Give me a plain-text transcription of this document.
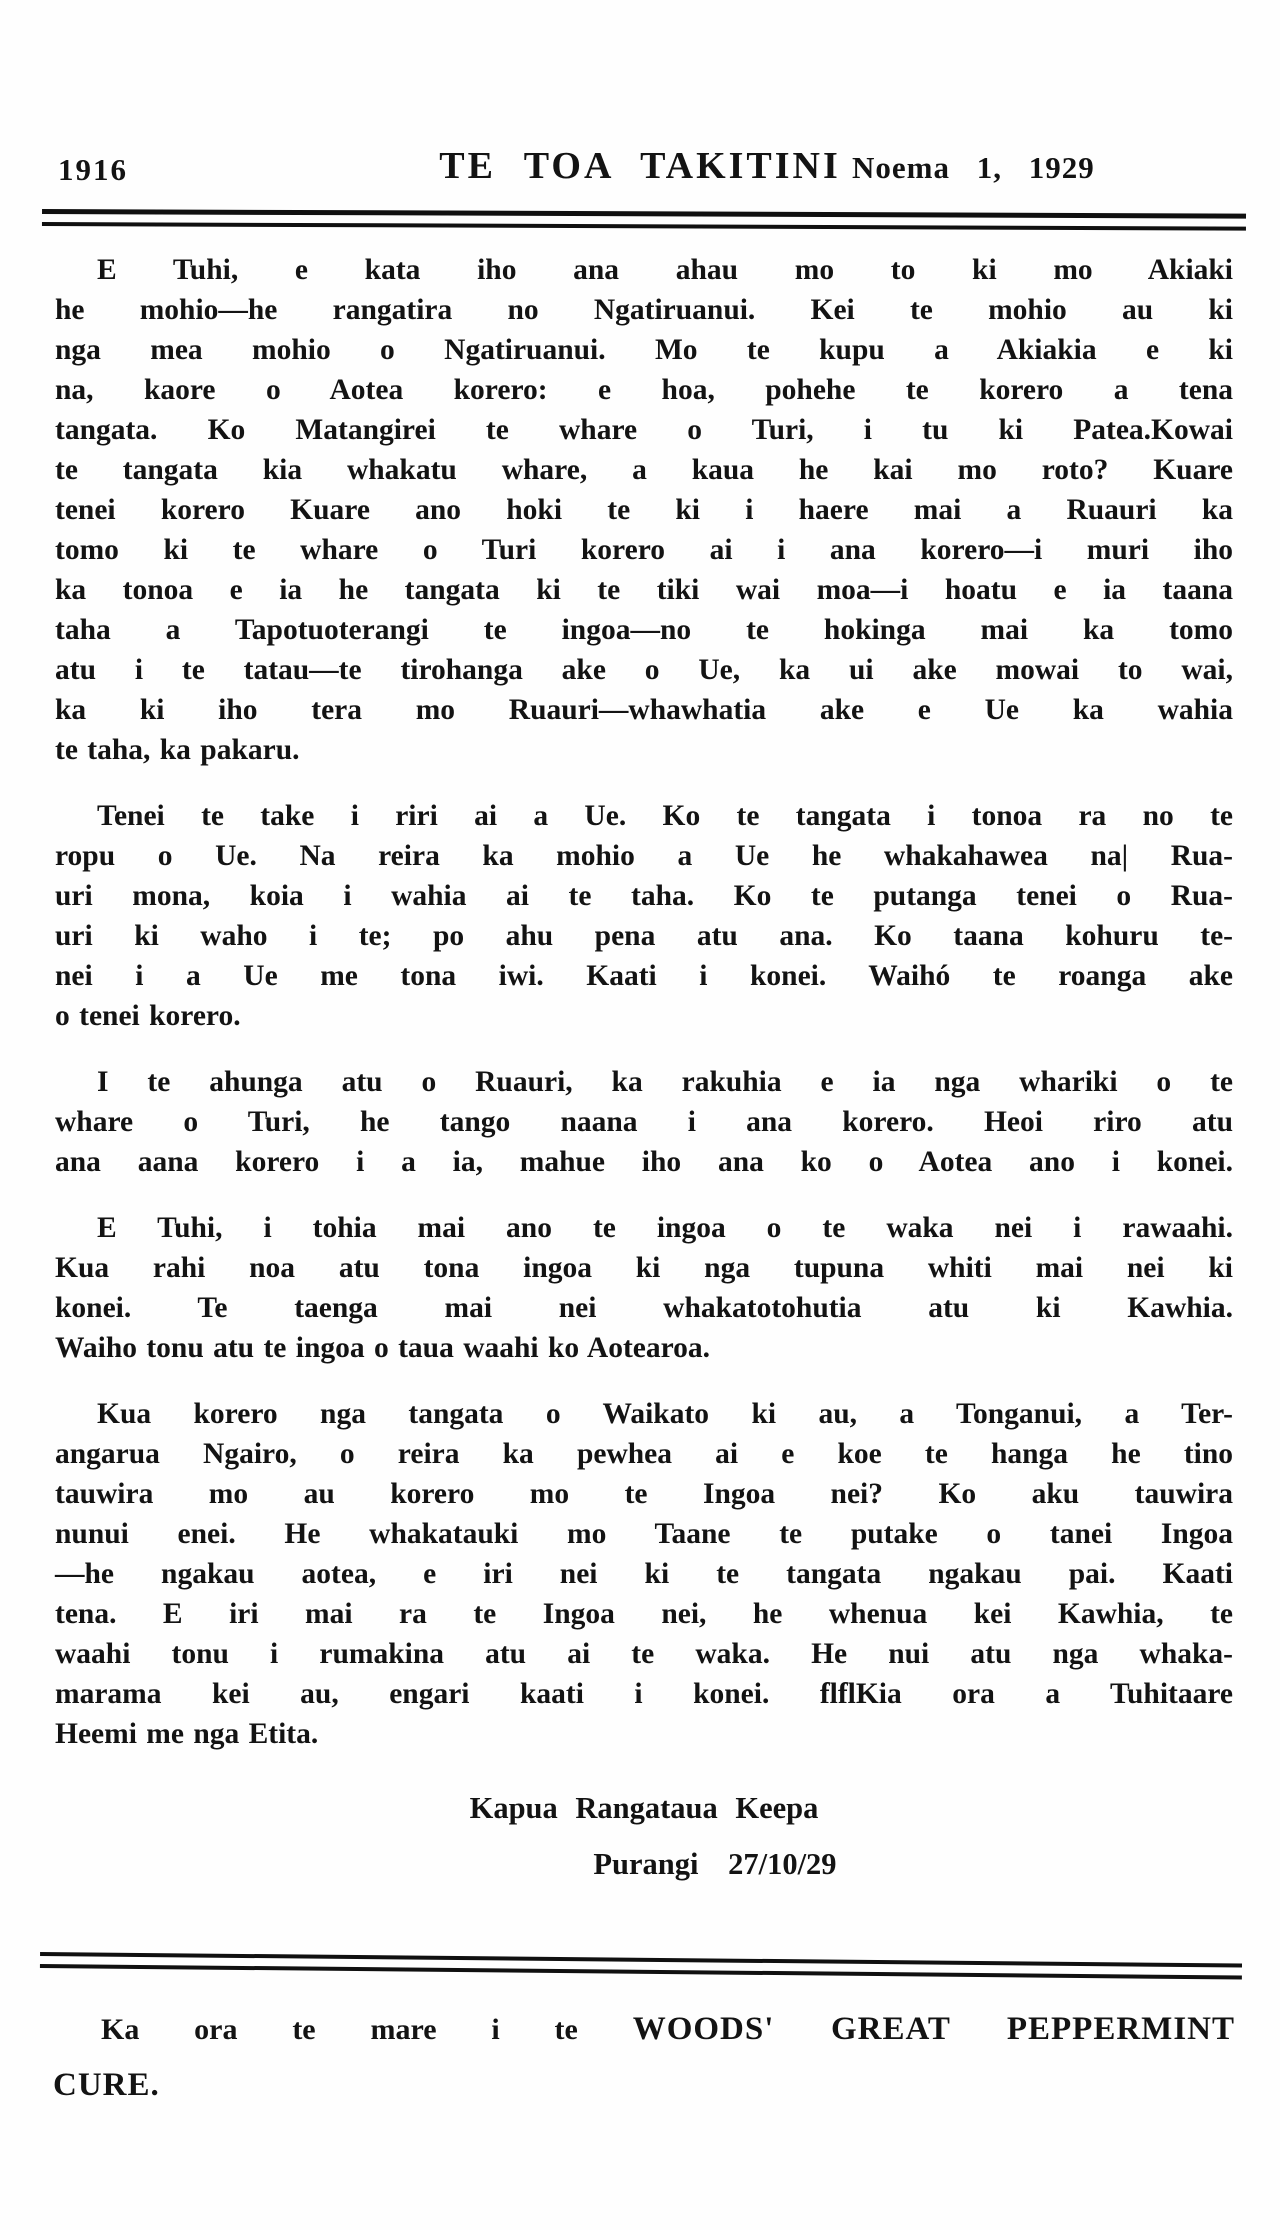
1916	TE TOA TAKITINI Noema 1, 1929
E Tuhi, e kata iho ana ahau mo to ki mo Akiaki
he mohio—he rangatira no Ngatiruanui. Kei te mohio au ki
nga mea mohio o Ngatiruanui. Mo te kupu a Akiakia e ki
na, kaore o Aotea korero: e hoa, pohehe te korero a tena
tangata. Ko Matangirei te whare o Turi, i tu ki Patea.Kowai
te tangata kia whakatu whare, a kaua he kai mo roto? Kuare
tenei korero Kuare ano hoki te ki i haere mai a Ruauri ka
tomo ki te whare o Turi korero ai i ana korero—i muri iho
ka tonoa e ia he tangata ki te tiki wai moa—i hoatu e ia taana
taha a Tapotuoterangi te ingoa—no te hokinga mai ka tomo
atu i te tatau—te tirohanga ake o Ue, ka ui ake mowai to wai,
ka ki iho tera mo Ruauri—whawhatia ake e Ue ka wahia
te taha, ka pakaru.
Tenei te take i riri ai a Ue. Ko te tangata i tonoa ra no te
ropu o Ue. Na reira ka mohio a Ue he whakahawea na| Rua-
uri mona, koia i wahia ai te taha. Ko te putanga tenei o Rua-
uri ki waho i te; po ahu pena atu ana. Ko taana kohuru te-
nei i a Ue me tona iwi. Kaati i konei. Waihó te roanga ake
o tenei korero.
I te ahunga atu o Ruauri, ka rakuhia e ia nga whariki o te
whare o Turi, he tango naana i ana korero. Heoi riro atu
ana aana korero i a ia, mahue iho ana ko o Aotea ano i konei.
E Tuhi, i tohia mai ano te ingoa o te waka nei i rawaahi.
Kua rahi noa atu tona ingoa ki nga tupuna whiti mai nei ki
konei. Te taenga mai nei whakatotohutia atu ki Kawhia.
Waiho tonu atu te ingoa o taua waahi ko Aotearoa.
Kua korero nga tangata o Waikato ki au, a Tonganui, a Ter-
angarua Ngairo, o reira ka pewhea ai e koe te hanga he tino
tauwira mo au korero mo te Ingoa nei? Ko aku tauwira
nunui enei. He whakatauki mo Taane te putake o tanei Ingoa
—he ngakau aotea, e iri nei ki te tangata ngakau pai. Kaati
tena. E iri mai ra te Ingoa nei, he whenua kei Kawhia, te
waahi tonu i rumakina atu ai te waka. He nui atu nga whaka-
marama kei au, engari kaati i konei. flflKia ora a Tuhitaare
Heemi me nga Etita.
Kapua Rangataua Keepa
Purangi 27/10/29
Ka ora te mare i te WOODS' GREAT PEPPERMINT
CURE.
